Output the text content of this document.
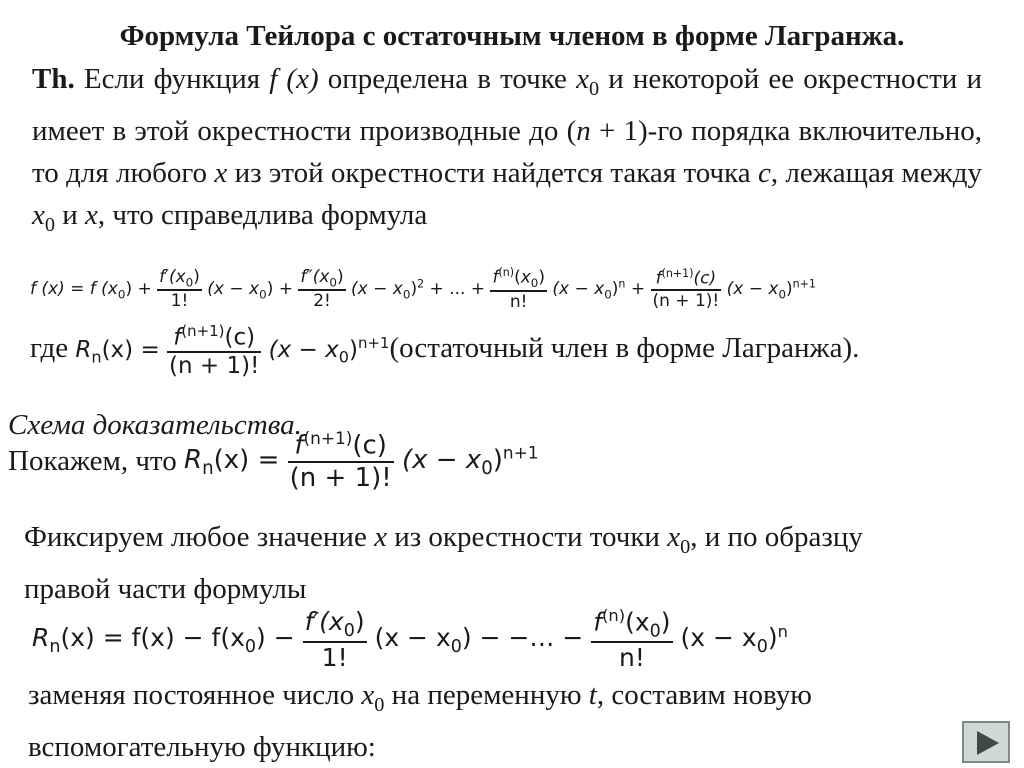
Формула Тейлора с остаточным членом в форме Лагранжа.
Th. Если функция f (x) определена в точке $x_0$ и некоторой ее окрестности и имеет в этой окрестности производные до (n + 1)-го порядка включительно, то для любого x из этой окрестности найдется такая точка c, лежащая между $x_0$ и x, что справедлива формула
f (x) = f $(x_0) + \frac{f'(x_0)}{1!} (x - x_0) + \frac{f''(x_0)}{2!} (x - x_0)^2$ + ... + $\frac{f^{(n)}(x_0)}{n!} (x - x_0)^n + \frac{f^{(n+1)}(c)}{(n + 1)!} (x - x_0)^{n+1}$
где $R_n(x) = \frac{f^{(n+1)}(c)}{(n + 1)!} (x$ − $x_0)^{n+1}(остаточный$ член в форме Лагранжа).
Схема доказательства.
Покажем, что $R_n(x) = \frac{f^{(n+1)}(c)}{(n + 1)!} (x - x_0)^{n+1}$
Фиксируем любое значение x из окрестности точки $x_0$, и по образцу правой части формулы
$R_n(x) = f(x) - f(x_0) - \frac{f'(x_0)}{1!} (x - x_0)$ − −… − $\frac{f^{(n)}(x_0)}{n!} (x - x_0)^n$
заменяя постоянное число $x_0$ на переменную t, составим новую вспомогательную функцию:
